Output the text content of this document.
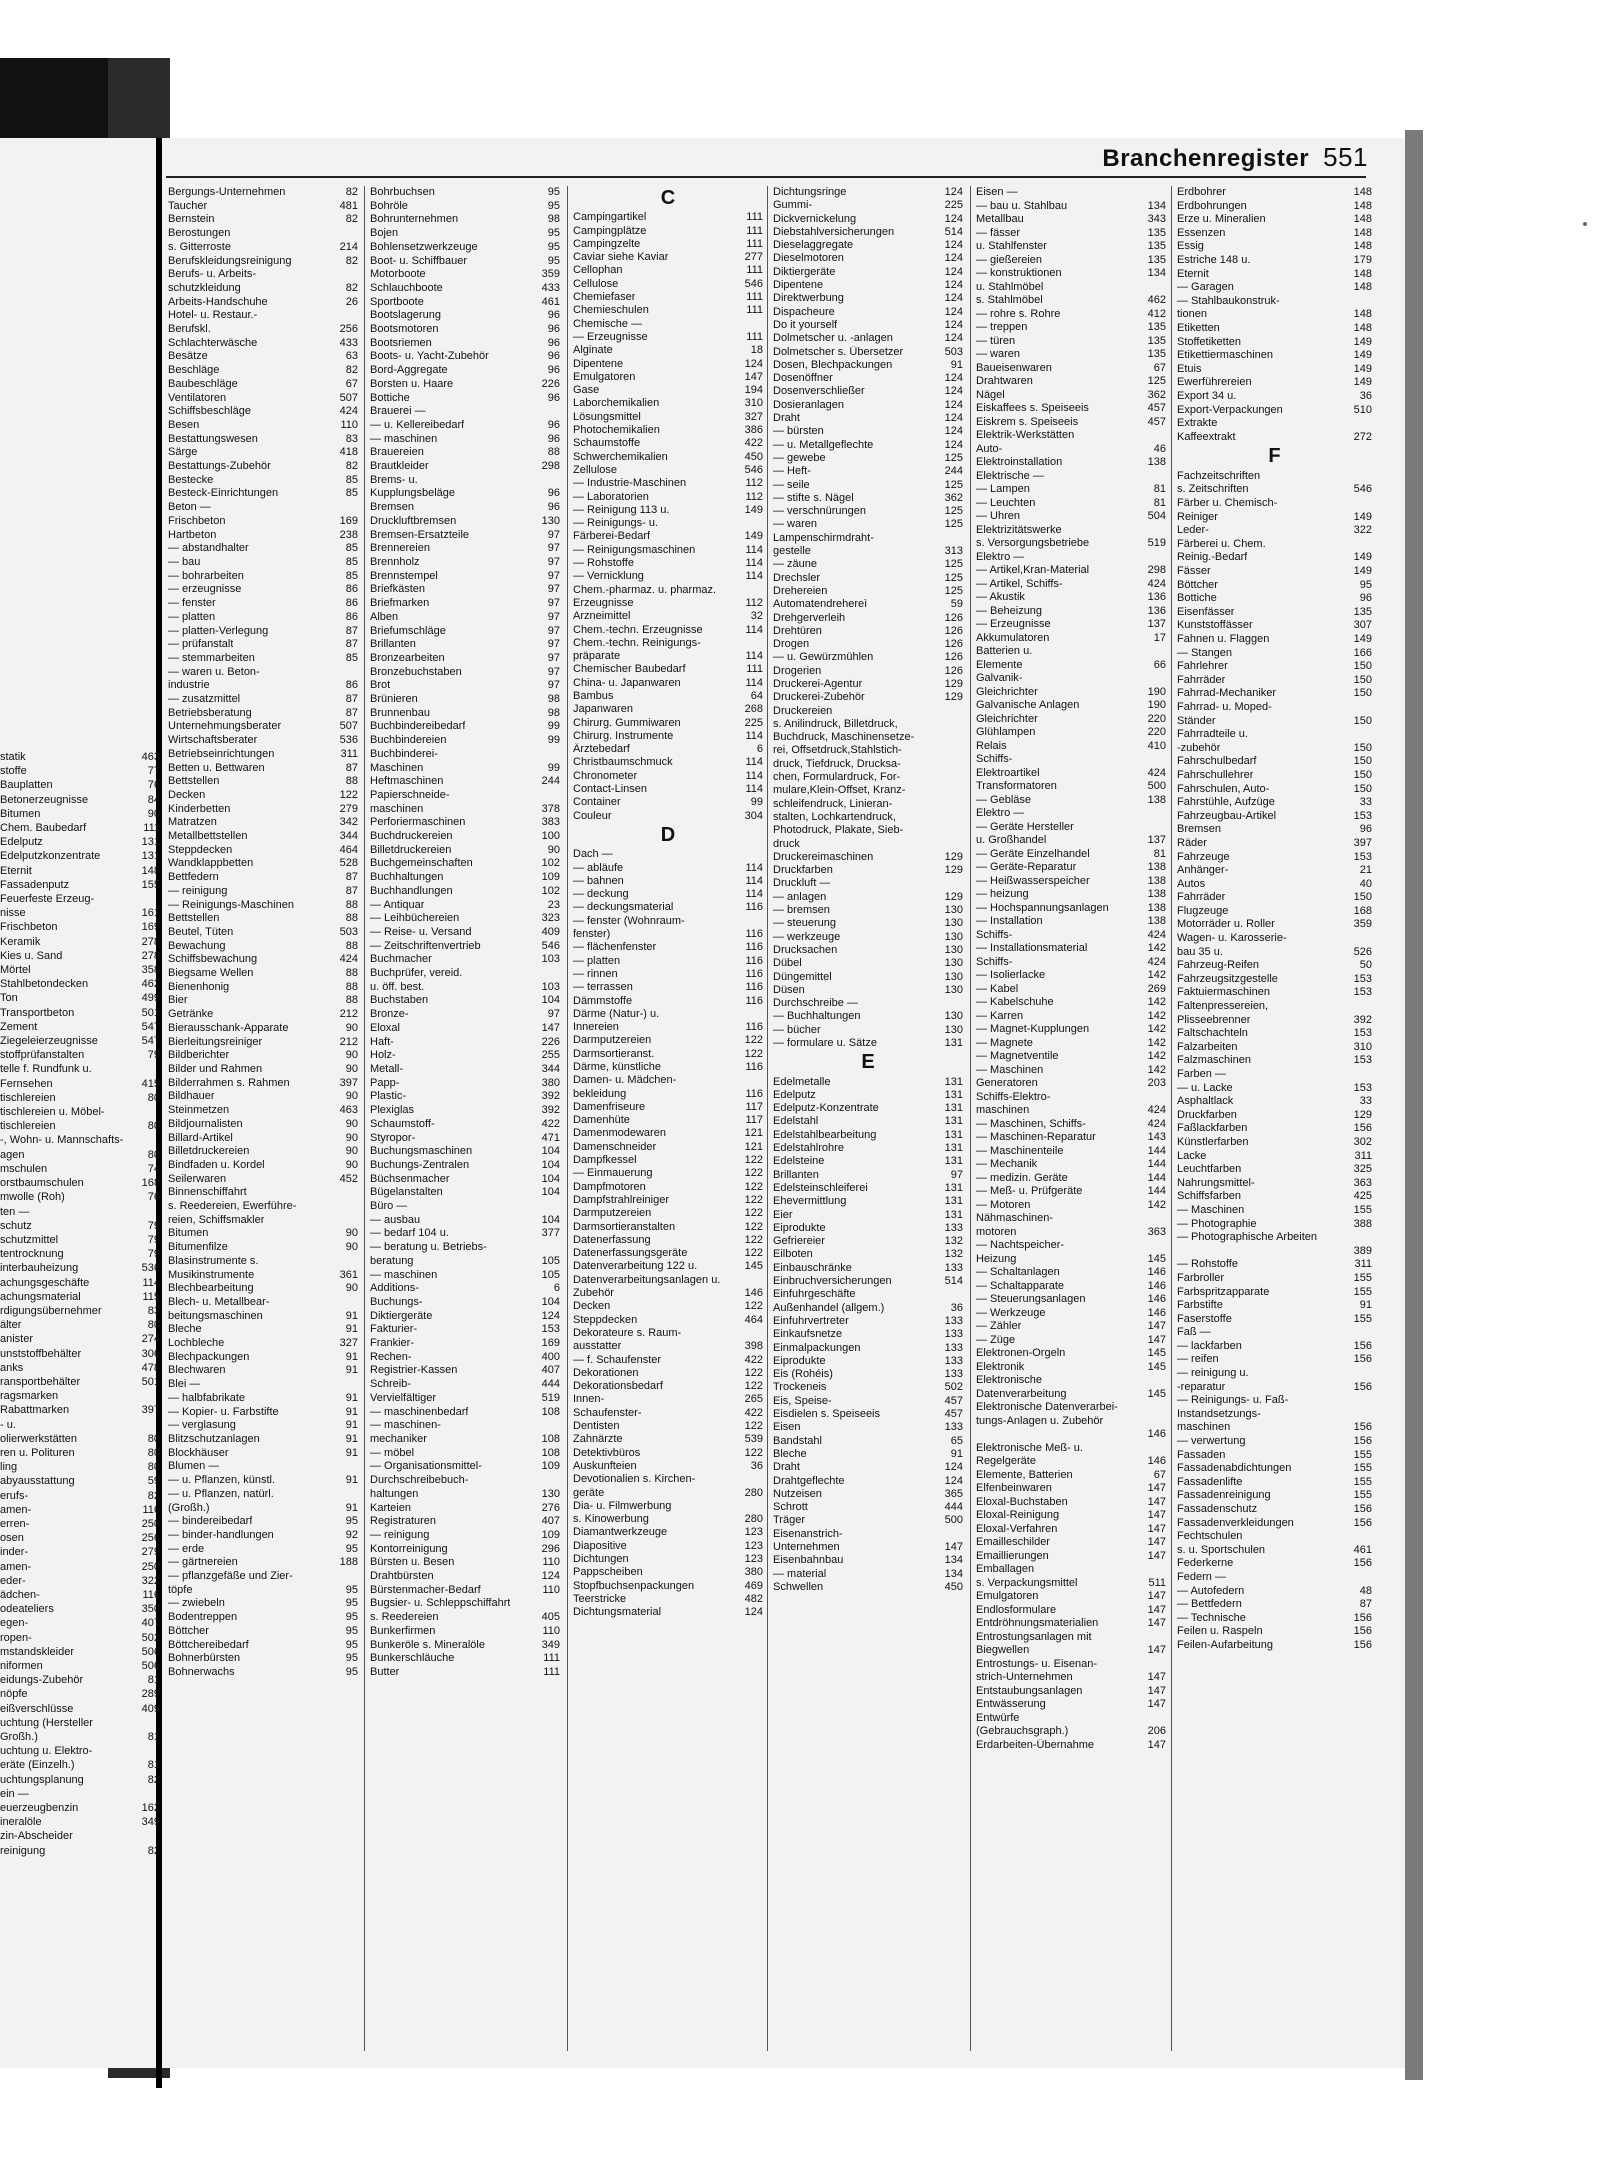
statik	463
stoffe	77
Bauplatten	76
Betonerzeugnisse	84
Bitumen	90
Chem. Baubedarf	111
Edelputz	131
Edelputzkonzentrate	131
Eternit	148
Fassadenputz	155
Feuerfeste Erzeug-
nisse	161
Frischbeton	169
Keramik	278
Kies u. Sand	278
Mörtel	358
Stahlbetondecken	462
Ton	499
Transportbeton	501
Zement	547
Ziegeleierzeugnisse	547
stoffprüfanstalten	79
telle f. Rundfunk u.
Fernsehen	415
tischlereien	80
tischlereien u. Möbel-
tischlereien	80
-, Wohn- u. Mannschafts-
agen	80
mschulen	74
orstbaumschulen	168
mwolle (Roh)	76
ten —
schutz	79
schutzmittel	79
tentrocknung	79
interbauheizung	536
achungsgeschäfte	114
achungsmaterial	115
rdigungsübernehmer	83
älter	80
anister	274
unststoffbehälter	306
anks	478
ransportbehälter	501
ragsmarken
Rabattmarken	397
- u.
olierwerkstätten	80
ren u. Polituren	80
ling	80
abyausstattung	59
erufs-	82
amen-	116
erren-	250
osen	256
inder-	279
amen-	250
eder-	322
ädchen-	116
odeateliers	350
egen-	407
ropen-	502
mstandskleider	506
niformen	506
eidungs-Zubehör	81
nöpfe	289
eißverschlüsse	409
uchtung (Hersteller
Großh.)	81
uchtung u. Elektro-
eräte (Einzelh.)	81
uchtungsplanung	82
ein —
euerzeugbenzin	162
ineralöle	349
zin-Abscheider
reinigung	82
Branchenregister 551
Bergungs-Unternehmen	82
Taucher	481
Bernstein	82
Berostungen
s. Gitterroste	214
Berufskleidungsreinigung	82
Berufs- u. Arbeits-
schutzkleidung	82
Arbeits-Handschuhe	26
Hotel- u. Restaur.-
Berufskl.	256
Schlachterwäsche	433
Besätze	63
Beschläge	82
Baubeschläge	67
Ventilatoren	507
Schiffsbeschläge	424
Besen	110
Bestattungswesen	83
Särge	418
Bestattungs-Zubehör	82
Bestecke	85
Besteck-Einrichtungen	85
Beton —
Frischbeton	169
Hartbeton	238
— abstandhalter	85
— bau	85
— bohrarbeiten	85
— erzeugnisse	86
— fenster	86
— platten	86
— platten-Verlegung	87
— prüfanstalt	87
— stemmarbeiten	85
— waren u. Beton-
industrie	86
— zusatzmittel	87
Betriebsberatung	87
Unternehmungsberater	507
Wirtschaftsberater	536
Betriebseinrichtungen	311
Betten u. Bettwaren	87
Bettstellen	88
Decken	122
Kinderbetten	279
Matratzen	342
Metallbettstellen	344
Steppdecken	464
Wandklappbetten	528
Bettfedern	87
— reinigung	87
— Reinigungs-Maschinen	88
Bettstellen	88
Beutel, Tüten	503
Bewachung	88
Schiffsbewachung	424
Biegsame Wellen	88
Bienenhonig	88
Bier	88
Getränke	212
Bierausschank-Apparate	90
Bierleitungsreiniger	212
Bildberichter	90
Bilder und Rahmen	90
Bilderrahmen s. Rahmen	397
Bildhauer	90
Steinmetzen	463
Bildjournalisten	90
Billard-Artikel	90
Billetdruckereien	90
Bindfaden u. Kordel	90
Seilerwaren	452
Binnenschiffahrt
s. Reedereien, Ewerführe-
reien, Schiffsmakler
Bitumen	90
Bitumenfilze	90
Blasinstrumente s.
Musikinstrumente	361
Blechbearbeitung	90
Blech- u. Metallbear-
beitungsmaschinen	91
Bleche	91
Lochbleche	327
Blechpackungen	91
Blechwaren	91
Blei —
— halbfabrikate	91
— Kopier- u. Farbstifte	91
— verglasung	91
Blitzschutzanlagen	91
Blockhäuser	91
Blumen —
— u. Pflanzen, künstl.	91
— u. Pflanzen, natürl.
(Großh.)	91
— bindereibedarf	95
— binder-handlungen	92
— erde	95
— gärtnereien	188
— pflanzgefäße und Zier-
töpfe	95
— zwiebeln	95
Bodentreppen	95
Böttcher	95
Böttchereibedarf	95
Bohnerbürsten	95
Bohnerwachs	95
Bohrbuchsen	95
Bohröle	95
Bohrunternehmen	98
Bojen	95
Bohlensetzwerkzeuge	95
Boot- u. Schiffbauer	95
Motorboote	359
Schlauchboote	433
Sportboote	461
Bootslagerung	96
Bootsmotoren	96
Bootsriemen	96
Boots- u. Yacht-Zubehör	96
Bord-Aggregate	96
Borsten u. Haare	226
Bottiche	96
Brauerei —
— u. Kellereibedarf	96
— maschinen	96
Brauereien	88
Brautkleider	298
Brems- u.
Kupplungsbeläge	96
Bremsen	96
Druckluftbremsen	130
Bremsen-Ersatzteile	97
Brennereien	97
Brennholz	97
Brennstempel	97
Briefkästen	97
Briefmarken	97
Alben	97
Briefumschläge	97
Brillanten	97
Bronzearbeiten	97
Bronzebuchstaben	97
Brot	97
Brünieren	98
Brunnenbau	98
Buchbindereibedarf	99
Buchbindereien	99
Buchbinderei-
Maschinen	99
Heftmaschinen	244
Papierschneide-
maschinen	378
Perforiermaschinen	383
Buchdruckereien	100
Billetdruckereien	90
Buchgemeinschaften	102
Buchhaltungen	109
Buchhandlungen	102
— Antiquar	23
— Leihbüchereien	323
— Reise- u. Versand	409
— Zeitschriftenvertrieb	546
Buchmacher	103
Buchprüfer, vereid.
u. öff. best.	103
Buchstaben	104
Bronze-	97
Eloxal	147
Haft-	226
Holz-	255
Metall-	344
Papp-	380
Plastic-	392
Plexiglas	392
Schaumstoff-	422
Styropor-	471
Buchungsmaschinen	104
Buchungs-Zentralen	104
Büchsenmacher	104
Bügelanstalten	104
Büro —
— ausbau	104
— bedarf 104 u.	377
— beratung u. Betriebs-
beratung	105
— maschinen	105
Additions-	6
Buchungs-	104
Diktiergeräte	124
Fakturier-	153
Frankier-	169
Rechen-	400
Registrier-Kassen	407
Schreib-	444
Vervielfältiger	519
— maschinenbedarf	108
— maschinen-
mechaniker	108
— möbel	108
— Organisationsmittel-	109
Durchschreibebuch-
haltungen	130
Karteien	276
Registraturen	407
— reinigung	109
Kontorreinigung	296
Bürsten u. Besen	110
Drahtbürsten	124
Bürstenmacher-Bedarf	110
Bugsier- u. Schleppschiffahrt
s. Reedereien	405
Bunkerfirmen	110
Bunkeröle s. Mineralöle	349
Bunkerschläuche	111
Butter	111
C
Campingartikel	111
Campingplätze	111
Campingzelte	111
Caviar siehe Kaviar	277
Cellophan	111
Cellulose	546
Chemiefaser	111
Chemieschulen	111
Chemische —
— Erzeugnisse	111
Alginate	18
Dipentene	124
Emulgatoren	147
Gase	194
Laborchemikalien	310
Lösungsmittel	327
Photochemikalien	386
Schaumstoffe	422
Schwerchemikalien	450
Zellulose	546
— Industrie-Maschinen	112
— Laboratorien	112
— Reinigung 113 u.	149
— Reinigungs- u.
Färberei-Bedarf	149
— Reinigungsmaschinen	114
— Rohstoffe	114
— Vernicklung	114
Chem.-pharmaz. u. pharmaz.
Erzeugnisse	112
Arzneimittel	32
Chem.-techn. Erzeugnisse	114
Chem.-techn. Reinigungs-
präparate	114
Chemischer Baubedarf	111
China- u. Japanwaren	114
Bambus	64
Japanwaren	268
Chirurg. Gummiwaren	225
Chirurg. Instrumente	114
Ärztebedarf	6
Christbaumschmuck	114
Chronometer	114
Contact-Linsen	114
Container	99
Couleur	304
D
Dach —
— abläufe	114
— bahnen	114
— deckung	114
— deckungsmaterial	116
— fenster (Wohnraum-
fenster)	116
— flächenfenster	116
— platten	116
— rinnen	116
— terrassen	116
Dämmstoffe	116
Därme (Natur-) u.
Innereien	116
Darmputzereien	122
Darmsortieranst.	122
Därme, künstliche	116
Damen- u. Mädchen-
bekleidung	116
Damenfriseure	117
Damenhüte	117
Damenmodewaren	121
Damenschneider	121
Dampfkessel	122
— Einmauerung	122
Dampfmotoren	122
Dampfstrahlreiniger	122
Darmputzereien	122
Darmsortieranstalten	122
Datenerfassung	122
Datenerfassungsgeräte	122
Datenverarbeitung 122 u.	145
Datenverarbeitungsanlagen u.
Zubehör	146
Decken	122
Steppdecken	464
Dekorateure s. Raum-
ausstatter	398
— f. Schaufenster	422
Dekorationen	122
Dekorationsbedarf	122
Innen-	265
Schaufenster-	422
Dentisten	122
Zahnärzte	539
Detektivbüros	122
Auskunfteien	36
Devotionalien s. Kirchen-
geräte	280
Dia- u. Filmwerbung
s. Kinowerbung	280
Diamantwerkzeuge	123
Diapositive	123
Dichtungen	123
Pappscheiben	380
Stopfbuchsenpackungen	469
Teerstricke	482
Dichtungsmaterial	124
Dichtungsringe	124
Gummi-	225
Dickvernickelung	124
Diebstahlversicherungen	514
Dieselaggregate	124
Dieselmotoren	124
Diktiergeräte	124
Dipentene	124
Direktwerbung	124
Dispacheure	124
Do it yourself	124
Dolmetscher u. -anlagen	124
Dolmetscher s. Übersetzer	503
Dosen, Blechpackungen	91
Dosenöffner	124
Dosenverschließer	124
Dosieranlagen	124
Draht	124
— bürsten	124
— u. Metallgeflechte	124
— gewebe	125
— Heft-	244
— seile	125
— stifte s. Nägel	362
— verschnürungen	125
— waren	125
Lampenschirmdraht-
gestelle	313
— zäune	125
Drechsler	125
Drehereien	125
Automatendrehereì	59
Drehgerverleih	126
Drehtüren	126
Drogen	126
— u. Gewürzmühlen	126
Drogerien	126
Druckerei-Agentur	129
Druckerei-Zubehör	129
Druckereien
s. Anilindruck, Billetdruck,
Buchdruck, Maschinensetze-
rei, Offsetdruck,Stahlstich-
druck, Tiefdruck, Drucksa-
chen, Formulardruck, For-
mulare,Klein-Offset, Kranz-
schleifendruck, Linieran-
stalten, Lochkartendruck,
Photodruck, Plakate, Sieb-
druck
Druckereimaschinen	129
Druckfarben	129
Druckluft —
— anlagen	129
— bremsen	130
— steuerung	130
— werkzeuge	130
Drucksachen	130
Dübel	130
Düngemittel	130
Düsen	130
Durchschreibe —
— Buchhaltungen	130
— bücher	130
— formulare u. Sätze	131
E
Edelmetalle	131
Edelputz	131
Edelputz-Konzentrate	131
Edelstahl	131
Edelstahlbearbeitung	131
Edelstahlrohre	131
Edelsteine	131
Brillanten	97
Edelsteinschleiferei	131
Ehevermittlung	131
Eier	131
Eiprodukte	133
Gefriereier	132
Eilboten	132
Einbauschränke	133
Einbruchversicherungen	514
Einfuhrgeschäfte
Außenhandel (allgem.)	36
Einfuhrvertreter	133
Einkaufsnetze	133
Einmalpackungen	133
Eiprodukte	133
Eis (Rohéis)	133
Trockeneis	502
Eis, Speise-	457
Eisdielen s. Speiseeis	457
Eisen	133
Bandstahl	65
Bleche	91
Draht	124
Drahtgeflechte	124
Nutzeisen	365
Schrott	444
Träger	500
Eisenanstrich-
Unternehmen	147
Eisenbahnbau	134
— material	134
Schwellen	450
Eisen —
— bau u. Stahlbau	134
Metallbau	343
— fässer	135
u. Stahlfenster	135
— gießereien	135
— konstruktionen	134
u. Stahlmöbel
s. Stahlmöbel	462
— rohre s. Rohre	412
— treppen	135
— türen	135
— waren	135
Baueisenwaren	67
Drahtwaren	125
Nägel	362
Eiskaffees s. Speiseeis	457
Eiskrem s. Speiseeis	457
Elektrik-Werkstätten
Auto-	46
Elektroinstallation	138
Elektrische —
— Lampen	81
— Leuchten	81
— Uhren	504
Elektrizitätswerke
s. Versorgungsbetriebe	519
Elektro —
— Artikel,Kran-Material	298
— Artikel, Schiffs-	424
— Akustik	136
— Beheizung	136
— Erzeugnisse	137
Akkumulatoren	17
Batterien u.
Elemente	66
Galvanik-
Gleichrichter	190
Galvanische Anlagen	190
Gleichrichter	220
Glühlampen	220
Relais	410
Schiffs-
Elektroartikel	424
Transformatoren	500
— Gebläse	138
Elektro —
— Geräte Hersteller
u. Großhandel	137
— Geräte Einzelhandel	81
— Geräte-Reparatur	138
— Heißwasserspeicher	138
— heizung	138
— Hochspannungsanlagen	138
— Installation	138
Schiffs-	424
— Installationsmaterial	142
Schiffs-	424
— Isolierlacke	142
— Kabel	269
— Kabelschuhe	142
— Karren	142
— Magnet-Kupplungen	142
— Magnete	142
— Magnetventile	142
— Maschinen	142
Generatoren	203
Schiffs-Elektro-
maschinen	424
— Maschinen, Schiffs-	424
— Maschinen-Reparatur	143
— Maschinenteile	144
— Mechanik	144
— medizin. Geräte	144
— Meß- u. Prüfgeräte	144
— Motoren	142
Nähmaschinen-
motoren	363
— Nachtspeicher-
Heizung	145
— Schaltanlagen	146
— Schaltapparate	146
— Steuerungsanlagen	146
— Werkzeuge	146
— Zähler	147
— Züge	147
Elektronen-Orgeln	145
Elektronik	145
Elektronische
Datenverarbeitung	145
Elektronische Datenverarbei-
tungs-Anlagen u. Zubehör
146
Elektronische Meß- u.
Regelgeräte	146
Elemente, Batterien	67
Elfenbeinwaren	147
Eloxal-Buchstaben	147
Eloxal-Reinigung	147
Eloxal-Verfahren	147
Emailleschilder	147
Emaillierungen	147
Emballagen
s. Verpackungsmittel	511
Emulgatoren	147
Endlosformulare	147
Entdröhnungsmaterialien	147
Entrostungsanlagen mit
Biegwellen	147
Entrostungs- u. Eisenan-
strich-Unternehmen	147
Entstaubungsanlagen	147
Entwässerung	147
Entwürfe
(Gebrauchsgraph.)	206
Erdarbeiten-Übernahme	147
Erdbohrer	148
Erdbohrungen	148
Erze u. Mineralien	148
Essenzen	148
Essig	148
Estriche 148 u.	179
Eternit	148
— Garagen	148
— Stahlbaukonstruk-
tionen	148
Etiketten	148
Stoffetiketten	149
Etikettiermaschinen	149
Etuis	149
Ewerführereien	149
Export 34 u.	36
Export-Verpackungen	510
Extrakte
Kaffeextrakt	272
F
Fachzeitschriften
s. Zeitschriften	546
Färber u. Chemisch-
Reiniger	149
Leder-	322
Färberei u. Chem.
Reinig.-Bedarf	149
Fässer	149
Böttcher	95
Bottiche	96
Eisenfässer	135
Kunststoffässer	307
Fahnen u. Flaggen	149
— Stangen	166
Fahrlehrer	150
Fahrräder	150
Fahrrad-Mechaniker	150
Fahrrad- u. Moped-
Ständer	150
Fahrradteile u.
-zubehör	150
Fahrschulbedarf	150
Fahrschullehrer	150
Fahrschulen, Auto-	150
Fahrstühle, Aufzüge	33
Fahrzeugbau-Artikel	153
Bremsen	96
Räder	397
Fahrzeuge	153
Anhänger-	21
Autos	40
Fahrräder	150
Flugzeuge	168
Motorräder u. Roller	359
Wagen- u. Karosserie-
bau 35 u.	526
Fahrzeug-Reifen	50
Fahrzeugsitzgestelle	153
Faktuiermaschinen	153
Faltenpressereien,
Plisseebrenner	392
Faltschachteln	153
Falzarbeiten	310
Falzmaschinen	153
Farben —
— u. Lacke	153
Asphaltlack	33
Druckfarben	129
Faßlackfarben	156
Künstlerfarben	302
Lacke	311
Leuchtfarben	325
Nahrungsmittel-	363
Schiffsfarben	425
— Maschinen	155
— Photographie	388
— Photographische Arbeiten
389
— Rohstoffe	311
Farbroller	155
Farbspritzapparate	155
Farbstifte	91
Faserstoffe	155
Faß —
— lackfarben	156
— reifen	156
— reinigung u.
-reparatur	156
— Reinigungs- u. Faß-
Instandsetzungs-
maschinen	156
— verwertung	156
Fassaden	155
Fassadenabdichtungen	155
Fassadenlifte	155
Fassadenreinigung	155
Fassadenschutz	156
Fassadenverkleidungen	156
Fechtschulen
s. u. Sportschulen	461
Federkerne	156
Federn —
— Autofedern	48
— Bettfedern	87
— Technische	156
Feilen u. Raspeln	156
Feilen-Aufarbeitung	156
